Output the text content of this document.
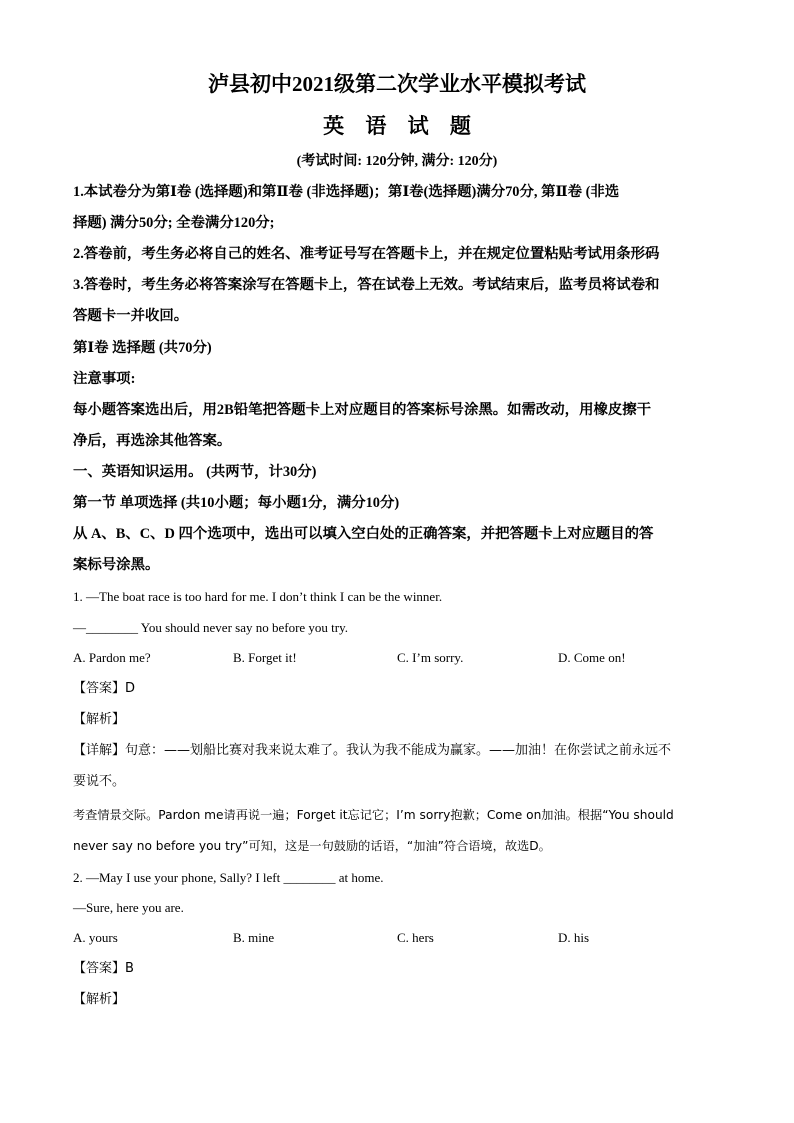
泸县初中2021级第二次学业水平模拟考试
英 语 试 题
(考试时间: 120分钟, 满分: 120分)
1.本试卷分为第Ⅰ卷 (选择题)和第Ⅱ卷 (非选择题)；第Ⅰ卷(选择题)满分70分, 第Ⅱ卷 (非选
择题) 满分50分; 全卷满分120分;
2.答卷前，考生务必将自己的姓名、准考证号写在答题卡上，并在规定位置粘贴考试用条形码
3.答卷时，考生务必将答案涂写在答题卡上，答在试卷上无效。考试结束后，监考员将试卷和
答题卡一并收回。
第Ⅰ卷 选择题 (共70分)
注意事项:
每小题答案选出后，用2B铅笔把答题卡上对应题目的答案标号涂黑。如需改动，用橡皮擦干
净后，再选涂其他答案。
一、英语知识运用。 (共两节，计30分)
第一节 单项选择 (共10小题；每小题1分，满分10分)
从 A、B、C、D 四个选项中，选出可以填入空白处的正确答案，并把答题卡上对应题目的答
案标号涂黑。
1. —The boat race is too hard for me. I don’t think I can be the winner.
—________ You should never say no before you try.
A. Pardon me?	B. Forget it!	C. I’m sorry.	D. Come on!
【答案】D
【解析】
【详解】句意：——划船比赛对我来说太难了。我认为我不能成为赢家。——加油！在你尝试之前永远不
要说不。
考查情景交际。Pardon me请再说一遍；Forget it忘记它；I’m sorry抱歉；Come on加油。根据“You should
never say no before you try”可知，这是一句鼓励的话语，“加油”符合语境，故选D。
2. —May I use your phone, Sally? I left ________ at home.
—Sure, here you are.
A. yours	B. mine	C. hers	D. his
【答案】B
【解析】
